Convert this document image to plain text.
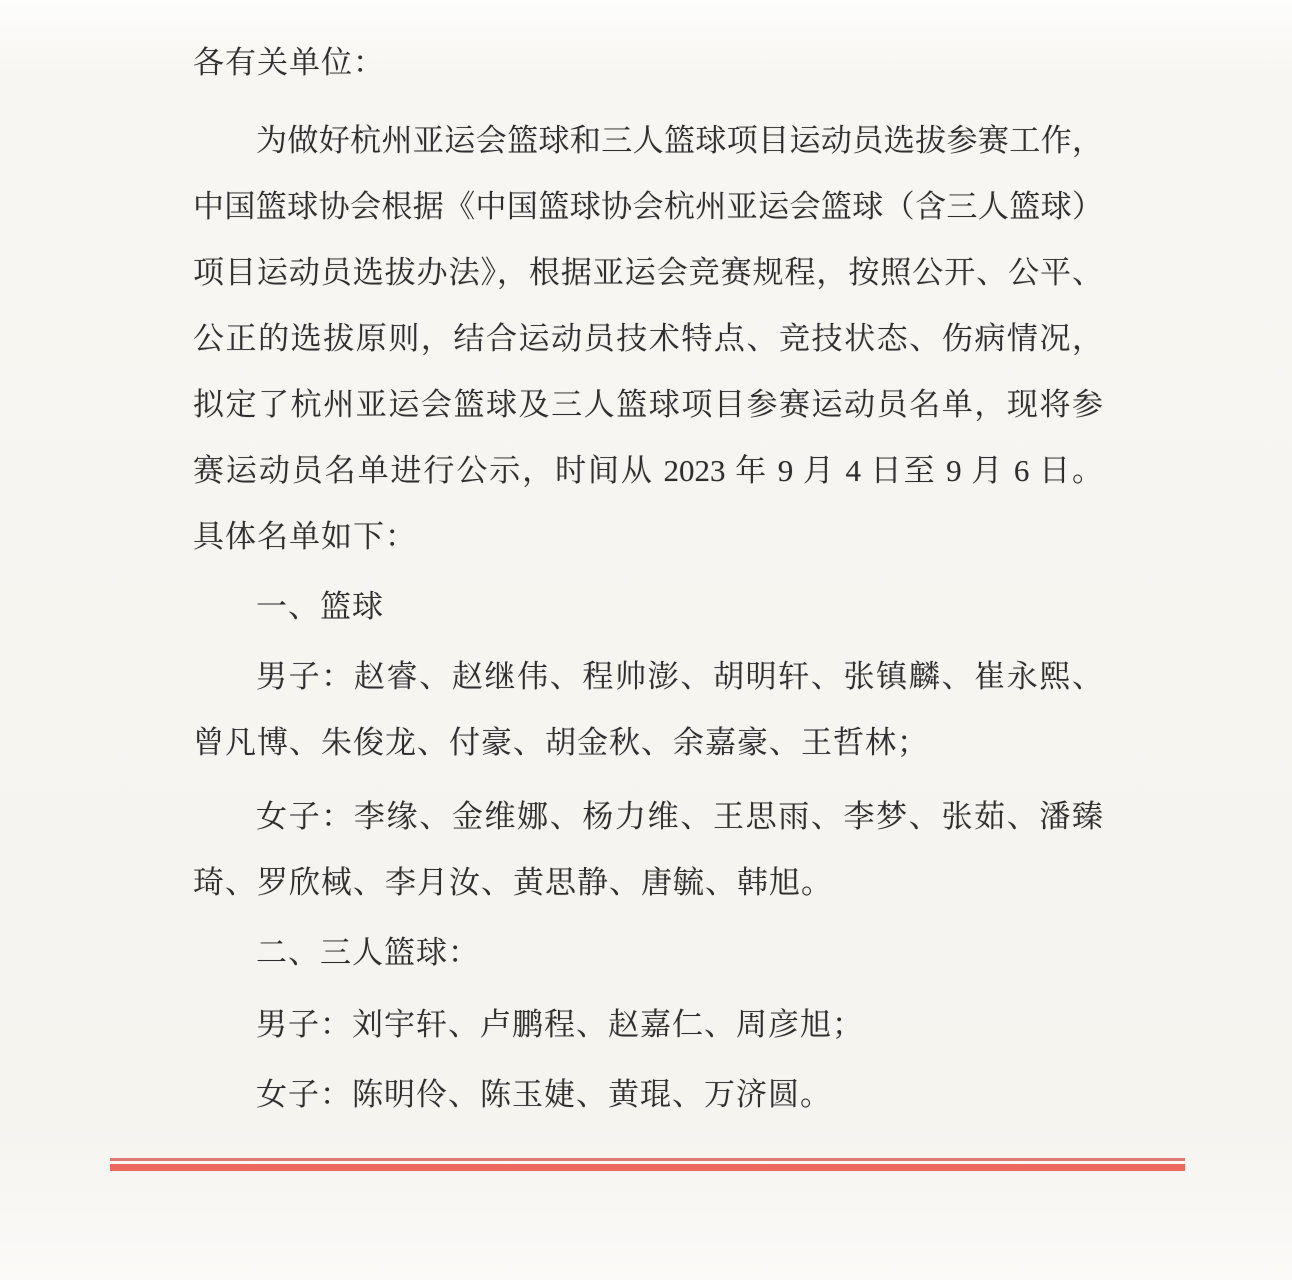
各有关单位：
为做好杭州亚运会篮球和三人篮球项目运动员选拔参赛工作，
中国篮球协会根据《中国篮球协会杭州亚运会篮球（含三人篮球）
项目运动员选拔办法》，根据亚运会竞赛规程，按照公开、公平、
公正的选拔原则，结合运动员技术特点、竞技状态、伤病情况，
拟定了杭州亚运会篮球及三人篮球项目参赛运动员名单，现将参
赛运动员名单进行公示，时间从 2023 年 9 月 4 日至 9 月 6 日。
具体名单如下：
一、篮球
男子：赵睿、赵继伟、程帅澎、胡明轩、张镇麟、崔永熙、
曾凡博、朱俊龙、付豪、胡金秋、余嘉豪、王哲林；
女子：李缘、金维娜、杨力维、王思雨、李梦、张茹、潘臻
琦、罗欣棫、李月汝、黄思静、唐毓、韩旭。
二、三人篮球：
男子：刘宇轩、卢鹏程、赵嘉仁、周彦旭；
女子：陈明伶、陈玉婕、黄琨、万济圆。
